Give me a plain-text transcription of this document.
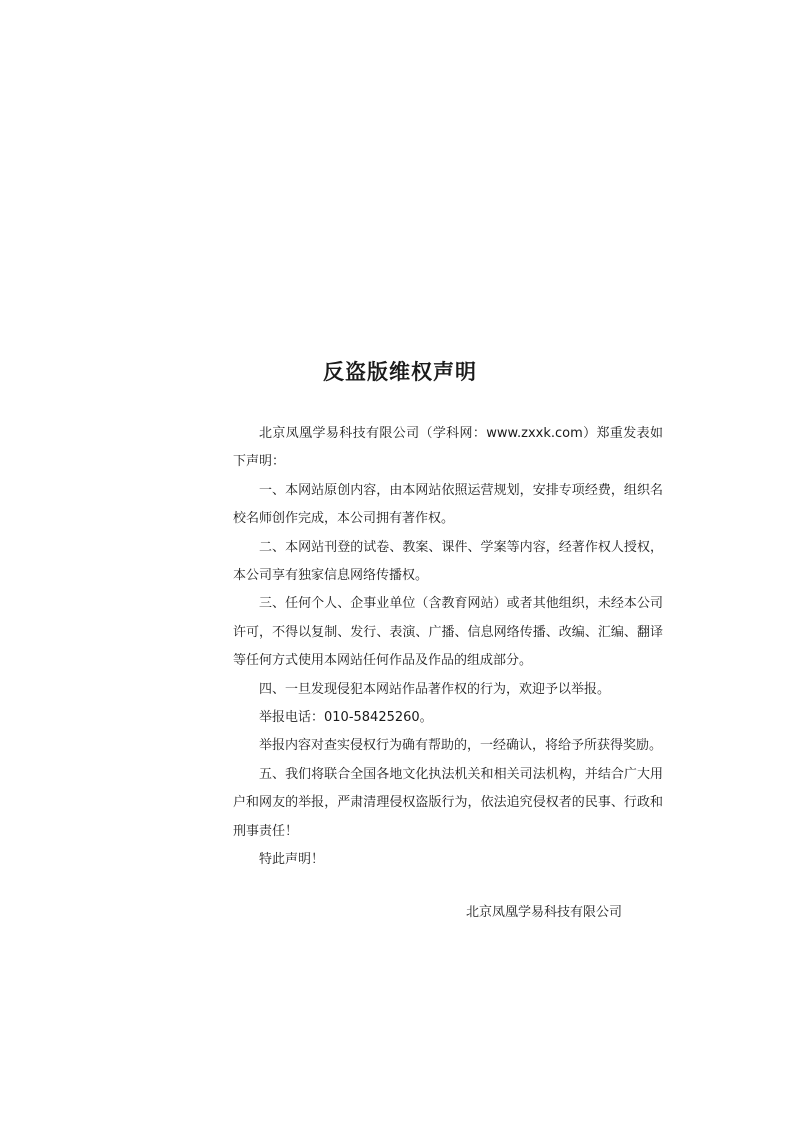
反盗版维权声明

北京凤凰学易科技有限公司（学科网：www.zxxk.com）郑重发表如下声明：

一、本网站原创内容，由本网站依照运营规划，安排专项经费，组织名校名师创作完成，本公司拥有著作权。

二、本网站刊登的试卷、教案、课件、学案等内容，经著作权人授权，本公司享有独家信息网络传播权。

三、任何个人、企事业单位（含教育网站）或者其他组织，未经本公司许可，不得以复制、发行、表演、广播、信息网络传播、改编、汇编、翻译等任何方式使用本网站任何作品及作品的组成部分。

四、一旦发现侵犯本网站作品著作权的行为，欢迎予以举报。

举报电话：010-58425260。

举报内容对查实侵权行为确有帮助的，一经确认，将给予所获得奖励。

五、我们将联合全国各地文化执法机关和相关司法机构，并结合广大用户和网友的举报，严肃清理侵权盗版行为，依法追究侵权者的民事、行政和刑事责任！

特此声明！

北京凤凰学易科技有限公司
